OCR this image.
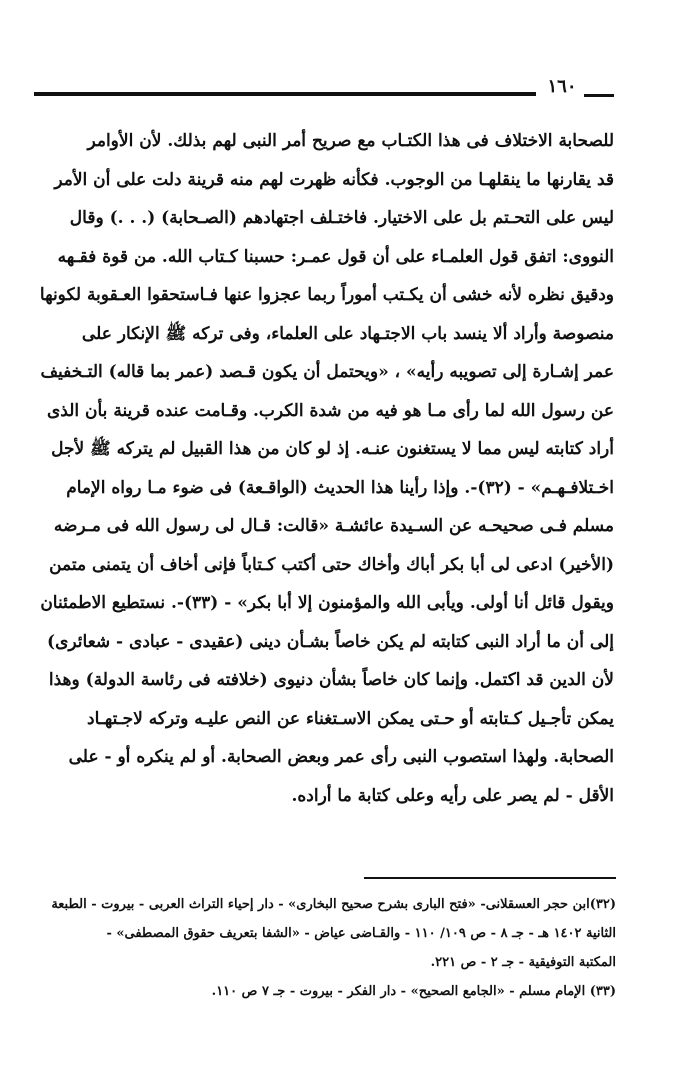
١٦٠
للصحابة الاختلاف فى هذا الكتـاب مع صريح أمر النبى لهم بذلك. لأن الأوامر
قد يقارنها ما ينقلهـا من الوجوب. فكأنه ظهرت لهم منه قرينة دلت على أن الأمر
ليس على التحـتم بل على الاختيار. فاختـلف اجتهادهم (الصـحابة) (. . .) وقال
النووى: اتفق قول العلمـاء على أن قول عمـر: حسبنا كـتاب الله. من قوة فقـهه
ودقيق نظره لأنه خشى أن يكـتب أموراً ربما عجزوا عنها فـاستحقوا العـقوبة لكونها
منصوصة وأراد ألا ينسد باب الاجتـهاد على العلماء، وفى تركه ﷺ الإنكار على
عمر إشـارة إلى تصويبه رأيه» ، «ويحتمل أن يكون قـصد (عمر بما قاله) التـخفيف
عن رسول الله لما رأى مـا هو فيه من شدة الكرب. وقـامت عنده قرينة بأن الذى
أراد كتابته ليس مما لا يستغنون عنـه. إذ لو كان من هذا القبيل لم يتركه ﷺ لأجل
اخـتلافـهـم» - (٣٢)-. وإذا رأينا هذا الحديث (الواقـعة) فى ضوء مـا رواه الإمام
مسلم فـى صحيحـه عن السـيدة عائشـة «قالت: قـال لى رسول الله فى مـرضه
(الأخير) ادعى لى أبا بكر أباك وأخاك حتى أكتب كـتاباً فإنى أخاف أن يتمنى متمن
ويقول قائل أنا أولى. ويأبى الله والمؤمنون إلا أبا بكر» - (٣٣)-. نستطيع الاطمئنان
إلى أن ما أراد النبى كتابته لم يكن خاصاً بشـأن دينى (عقيدى - عبادى - شعائرى)
لأن الدين قد اكتمل. وإنما كان خاصاً بشأن دنيوى (خلافته فى رئاسة الدولة) وهذا
يمكن تأجـيل كـتابته أو حـتى يمكن الاسـتغناء عن النص عليـه وتركه لاجـتهـاد
الصحابة. ولهذا استصوب النبى رأى عمر وبعض الصحابة. أو لم ينكره أو - على
الأقل - لم يصر على رأيه وعلى كتابة ما أراده.
(٣٢)ابن حجر العسقلانى- «فتح البارى بشرح صحيح البخارى» - دار إحياء التراث العربى - بيروت - الطبعة
الثانية ١٤٠٢ هـ - جـ ٨ - ص ١٠٩/ ١١٠ - والقـاضى عياض - «الشفا بتعريف حقوق المصطفى» -
المكتبة التوفيقية - جـ ٢ - ص ٢٢١.
(٣٣) الإمام مسلم - «الجامع الصحيح» - دار الفكر - بيروت - جـ ٧ ص ١١٠.
